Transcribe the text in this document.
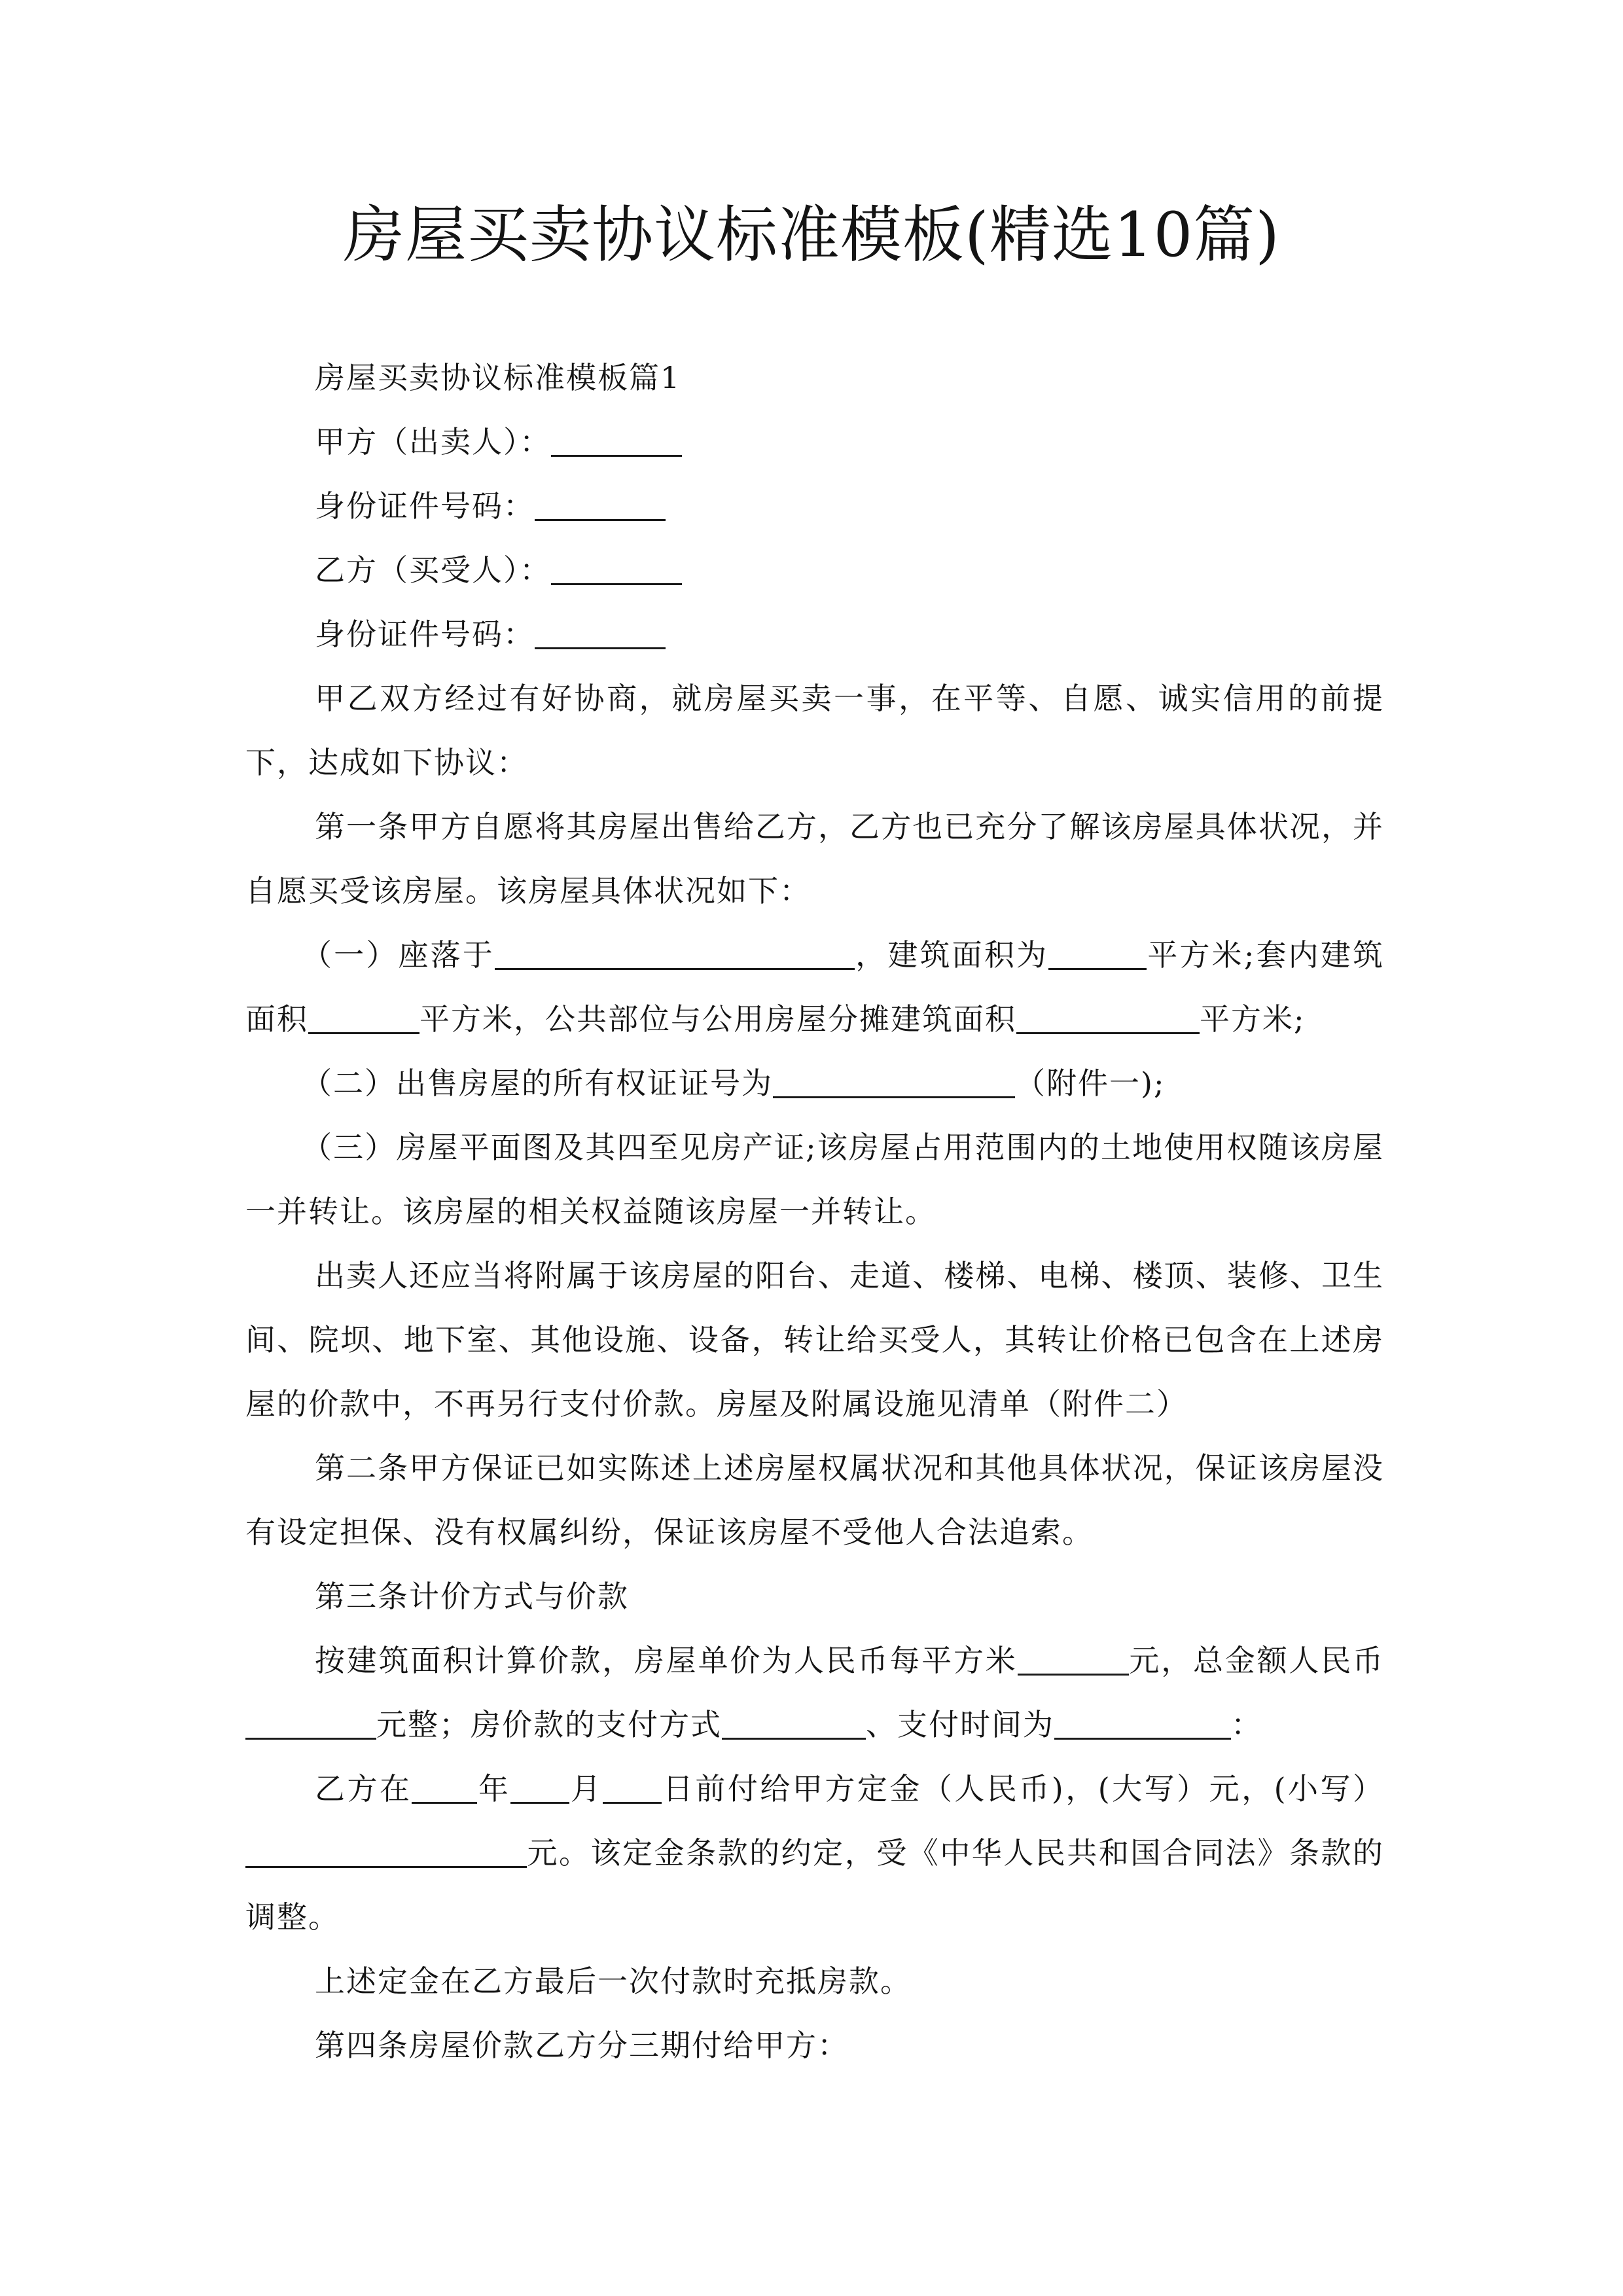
房屋买卖协议标准模板(精选10篇)

房屋买卖协议标准模板篇1

甲方（出卖人）：

身份证件号码：

乙方（买受人）：

身份证件号码：

甲乙双方经过有好协商，就房屋买卖一事，在平等、自愿、诚实信用的前提下，达成如下协议：

第一条甲方自愿将其房屋出售给乙方，乙方也已充分了解该房屋具体状况，并自愿买受该房屋。该房屋具体状况如下：

（一）座落于	，建筑面积为	平方米;套内建筑面积	平方米，公共部位与公用房屋分摊建筑面积	平方米;

（二）出售房屋的所有权证证号为	（附件一);

（三）房屋平面图及其四至见房产证;该房屋占用范围内的土地使用权随该房屋一并转让。该房屋的相关权益随该房屋一并转让。

出卖人还应当将附属于该房屋的阳台、走道、楼梯、电梯、楼顶、装修、卫生间、院坝、地下室、其他设施、设备，转让给买受人，其转让价格已包含在上述房屋的价款中，不再另行支付价款。房屋及附属设施见清单（附件二）

第二条甲方保证已如实陈述上述房屋权属状况和其他具体状况，保证该房屋没有设定担保、没有权属纠纷，保证该房屋不受他人合法追索。

第三条计价方式与价款

按建筑面积计算价款，房屋单价为人民币每平方米	元，总金额人民币元整；房价款的支付方式	、支付时间为	：

乙方在 年 月 日前付给甲方定金（人民币)，(大写）元，(小写）元。该定金条款的约定，受《中华人民共和国合同法》条款的调整。

上述定金在乙方最后一次付款时充抵房款。

第四条房屋价款乙方分三期付给甲方：
